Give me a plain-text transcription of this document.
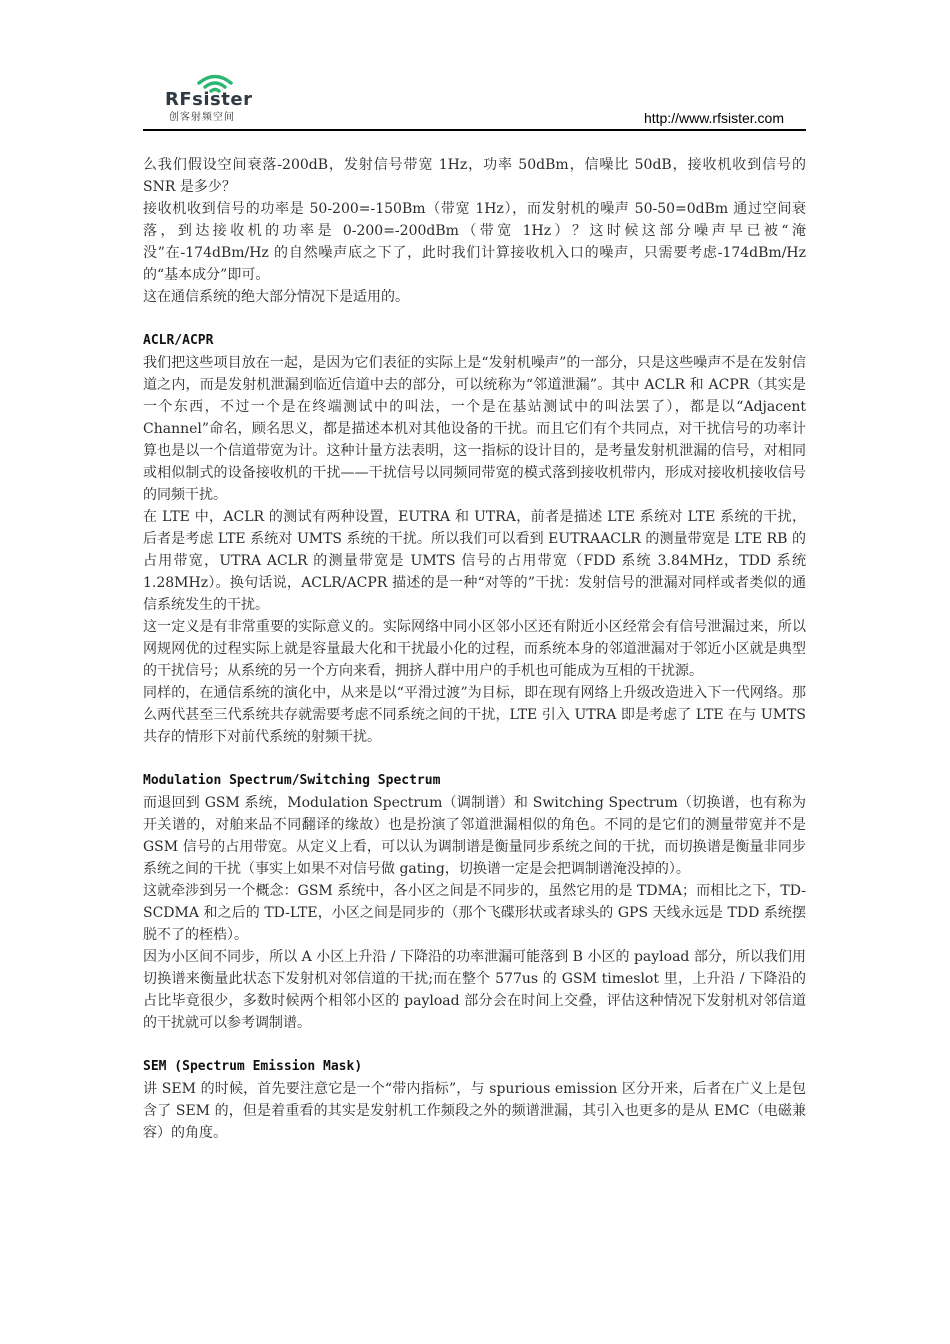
RFsister
创客射频空间	http://www.rfsister.com

么我们假设空间衰落-200dB，发射信号带宽 1Hz，功率 50dBm，信噪比 50dB，接收机收到信号的 SNR 是多少？

接收机收到信号的功率是 50-200=-150Bm（带宽 1Hz），而发射机的噪声 50-50=0dBm 通过空间衰落，到达接收机的功率是 0-200=-200dBm（带宽 1Hz）？这时候这部分噪声早已被“淹没”在-174dBm/Hz 的自然噪声底之下了，此时我们计算接收机入口的噪声，只需要考虑-174dBm/Hz 的“基本成分”即可。

这在通信系统的绝大部分情况下是适用的。

ACLR/ACPR

我们把这些项目放在一起，是因为它们表征的实际上是“发射机噪声”的一部分，只是这些噪声不是在发射信道之内，而是发射机泄漏到临近信道中去的部分，可以统称为“邻道泄漏”。其中 ACLR 和 ACPR（其实是一个东西，不过一个是在终端测试中的叫法，一个是在基站测试中的叫法罢了），都是以“Adjacent Channel”命名，顾名思义，都是描述本机对其他设备的干扰。而且它们有个共同点，对干扰信号的功率计算也是以一个信道带宽为计。这种计量方法表明，这一指标的设计目的，是考量发射机泄漏的信号，对相同或相似制式的设备接收机的干扰——干扰信号以同频同带宽的模式落到接收机带内，形成对接收机接收信号的同频干扰。

在 LTE 中，ACLR 的测试有两种设置，EUTRA 和 UTRA，前者是描述 LTE 系统对 LTE 系统的干扰，后者是考虑 LTE 系统对 UMTS 系统的干扰。所以我们可以看到 EUTRAACLR 的测量带宽是 LTE RB 的占用带宽，UTRA ACLR 的测量带宽是 UMTS 信号的占用带宽（FDD 系统 3.84MHz，TDD 系统 1.28MHz）。换句话说，ACLR/ACPR 描述的是一种“对等的”干扰：发射信号的泄漏对同样或者类似的通信系统发生的干扰。

这一定义是有非常重要的实际意义的。实际网络中同小区邻小区还有附近小区经常会有信号泄漏过来，所以网规网优的过程实际上就是容量最大化和干扰最小化的过程，而系统本身的邻道泄漏对于邻近小区就是典型的干扰信号；从系统的另一个方向来看，拥挤人群中用户的手机也可能成为互相的干扰源。

同样的，在通信系统的演化中，从来是以“平滑过渡”为目标，即在现有网络上升级改造进入下一代网络。那么两代甚至三代系统共存就需要考虑不同系统之间的干扰，LTE 引入 UTRA 即是考虑了 LTE 在与 UMTS 共存的情形下对前代系统的射频干扰。

Modulation Spectrum/Switching Spectrum

而退回到 GSM 系统，Modulation Spectrum（调制谱）和 Switching Spectrum（切换谱，也有称为开关谱的，对舶来品不同翻译的缘故）也是扮演了邻道泄漏相似的角色。不同的是它们的测量带宽并不是 GSM 信号的占用带宽。从定义上看，可以认为调制谱是衡量同步系统之间的干扰，而切换谱是衡量非同步系统之间的干扰（事实上如果不对信号做 gating，切换谱一定是会把调制谱淹没掉的）。

这就牵涉到另一个概念：GSM 系统中，各小区之间是不同步的，虽然它用的是 TDMA；而相比之下，TD-SCDMA 和之后的 TD-LTE，小区之间是同步的（那个飞碟形状或者球头的 GPS 天线永远是 TDD 系统摆脱不了的桎梏）。

因为小区间不同步，所以 A 小区上升沿 / 下降沿的功率泄漏可能落到 B 小区的 payload 部分，所以我们用切换谱来衡量此状态下发射机对邻信道的干扰;而在整个 577us 的 GSM timeslot 里，上升沿 / 下降沿的占比毕竟很少，多数时候两个相邻小区的 payload 部分会在时间上交叠，评估这种情况下发射机对邻信道的干扰就可以参考调制谱。

SEM (Spectrum Emission Mask)

讲 SEM 的时候，首先要注意它是一个“带内指标”，与 spurious emission 区分开来，后者在广义上是包含了 SEM 的，但是着重看的其实是发射机工作频段之外的频谱泄漏，其引入也更多的是从 EMC（电磁兼容）的角度。
